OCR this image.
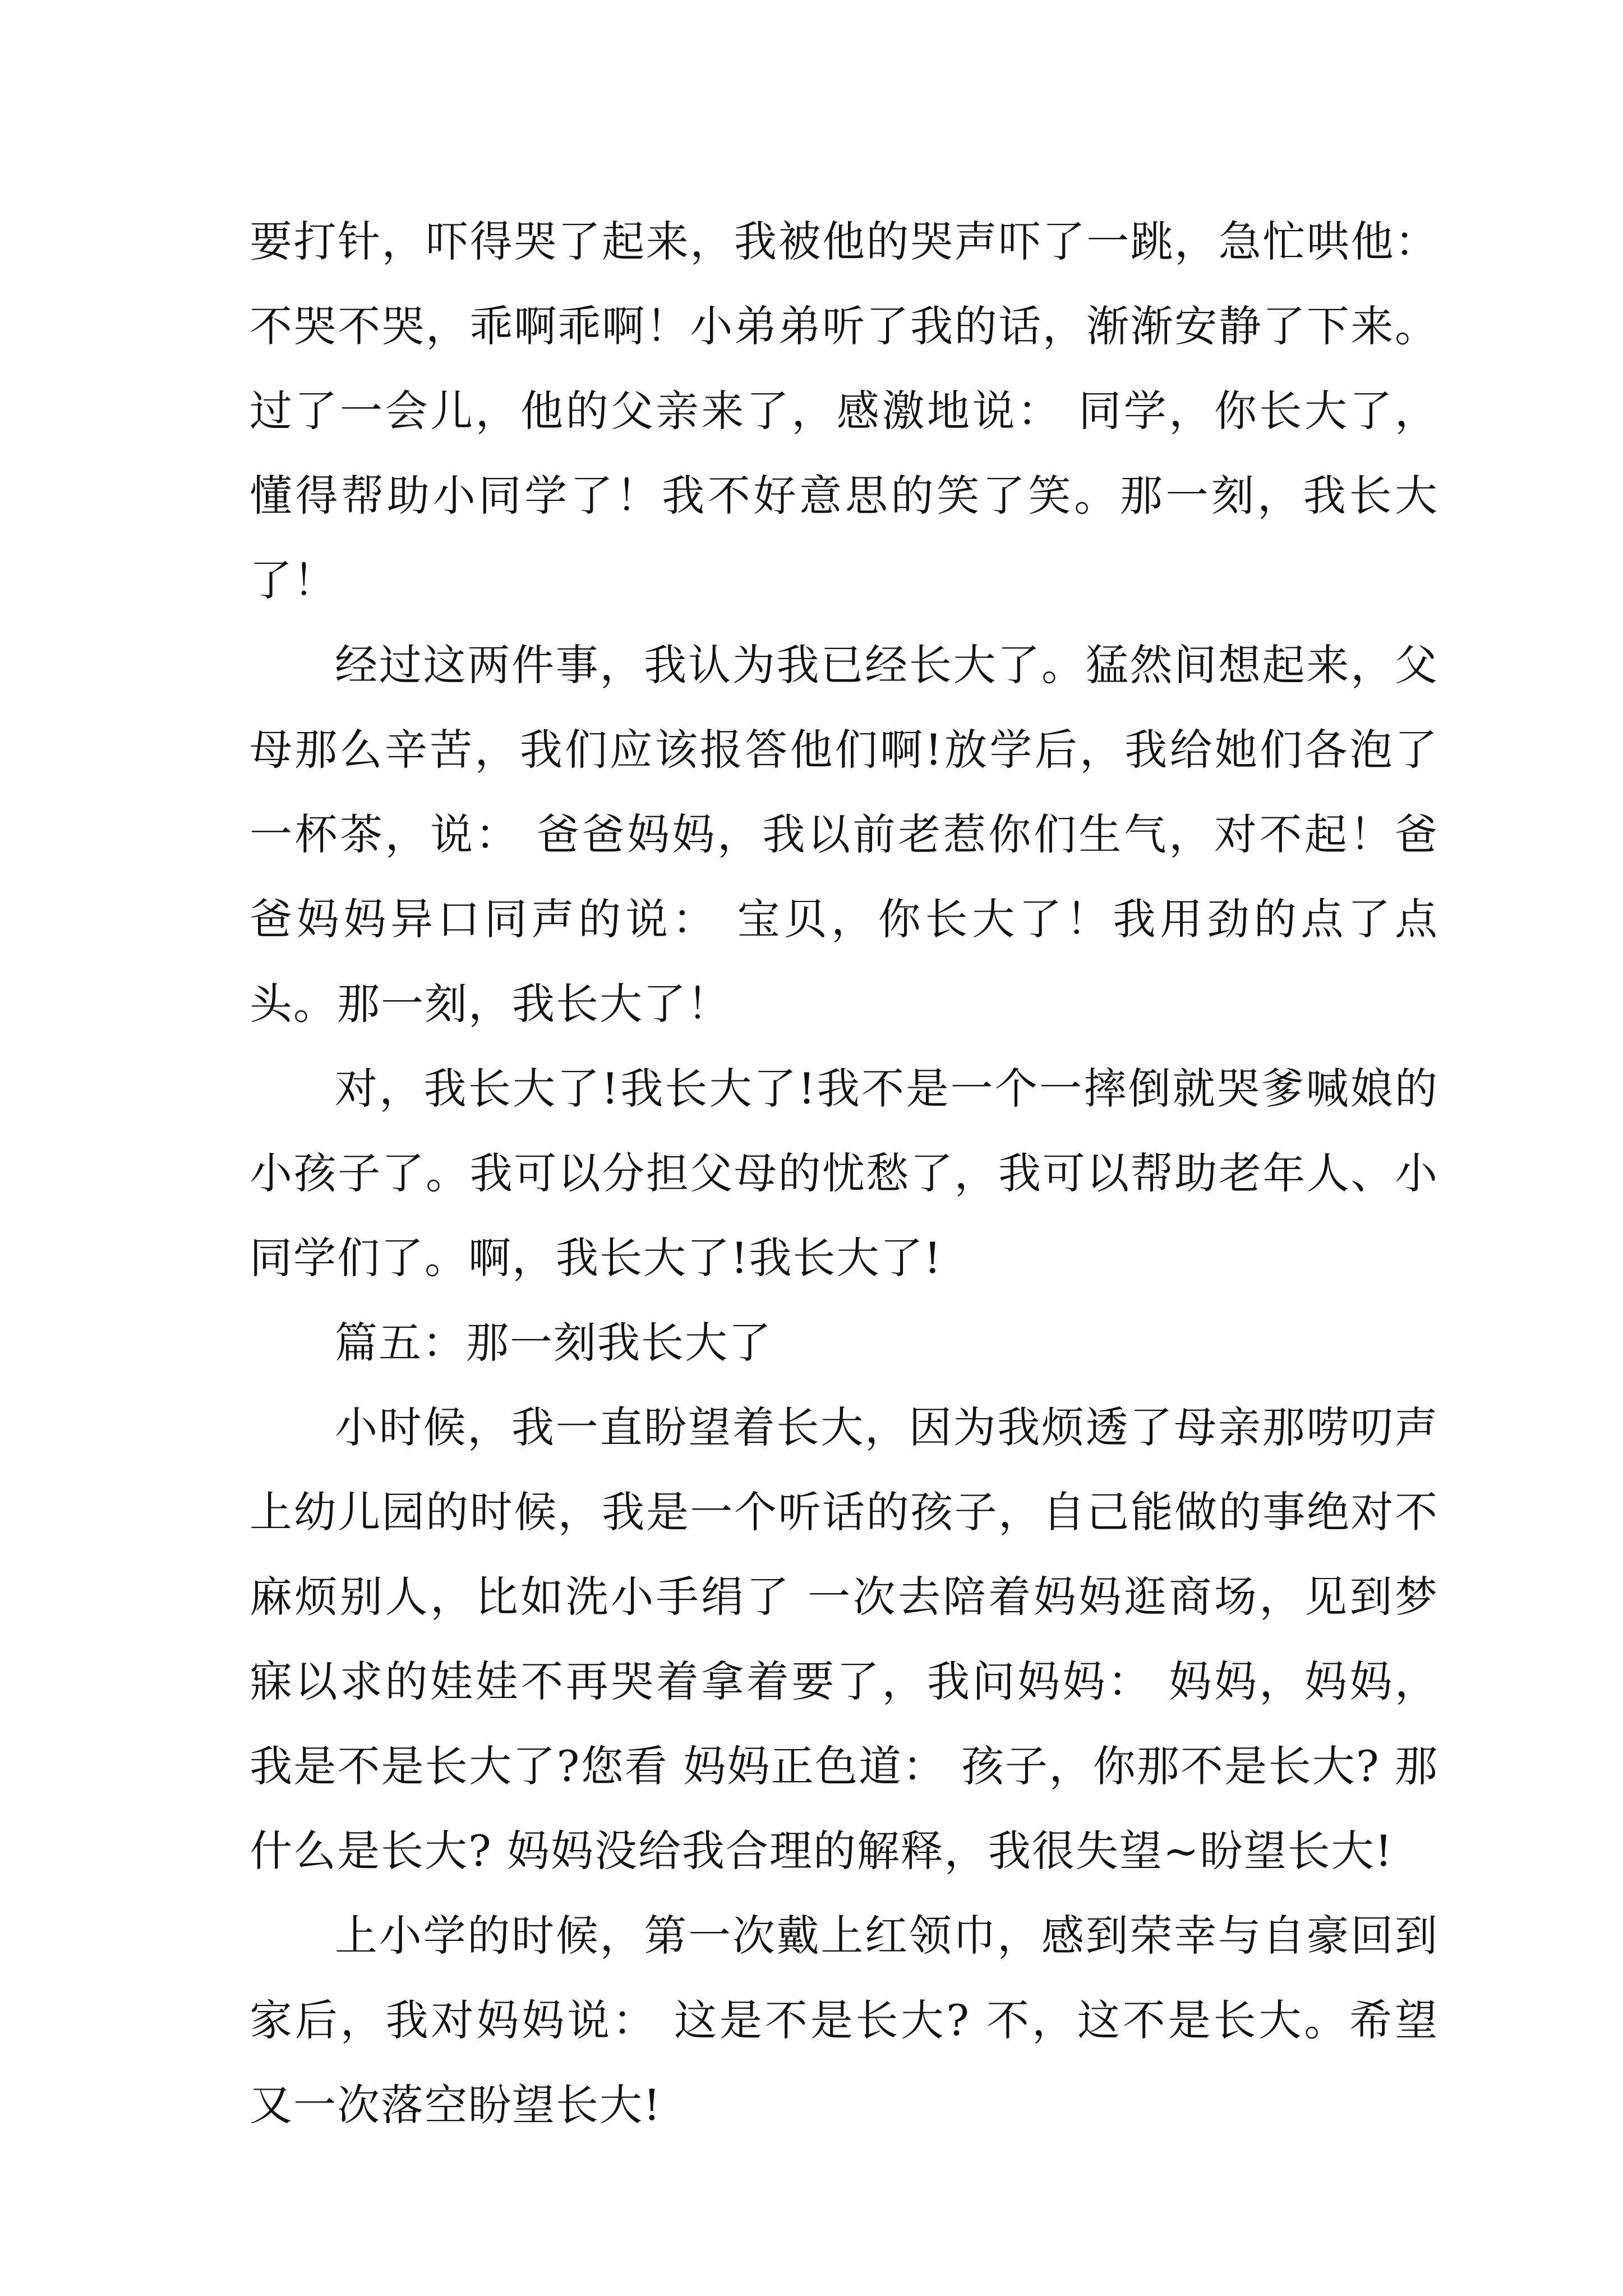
要打针，吓得哭了起来，我被他的哭声吓了一跳，急忙哄他：不哭不哭，乖啊乖啊！小弟弟听了我的话，渐渐安静了下来。过了一会儿，他的父亲来了，感激地说： 同学，你长大了，懂得帮助小同学了！我不好意思的笑了笑。那一刻，我长大了！

经过这两件事，我认为我已经长大了。猛然间想起来，父母那么辛苦，我们应该报答他们啊!放学后，我给她们各泡了一杯茶，说： 爸爸妈妈，我以前老惹你们生气，对不起！爸爸妈妈异口同声的说： 宝贝，你长大了！我用劲的点了点头。那一刻，我长大了！

对，我长大了!我长大了!我不是一个一摔倒就哭爹喊娘的小孩子了。我可以分担父母的忧愁了，我可以帮助老年人、小同学们了。啊，我长大了!我长大了!

篇五：那一刻我长大了

小时候，我一直盼望着长大，因为我烦透了母亲那唠叨声上幼儿园的时候，我是一个听话的孩子，自己能做的事绝对不麻烦别人，比如洗小手绢了 一次去陪着妈妈逛商场，见到梦寐以求的娃娃不再哭着拿着要了，我问妈妈： 妈妈，妈妈，我是不是长大了?您看 妈妈正色道： 孩子，你那不是长大? 那什么是长大? 妈妈没给我合理的解释，我很失望~盼望长大!

上小学的时候，第一次戴上红领巾，感到荣幸与自豪回到家后，我对妈妈说： 这是不是长大? 不，这不是长大。希望又一次落空盼望长大!
